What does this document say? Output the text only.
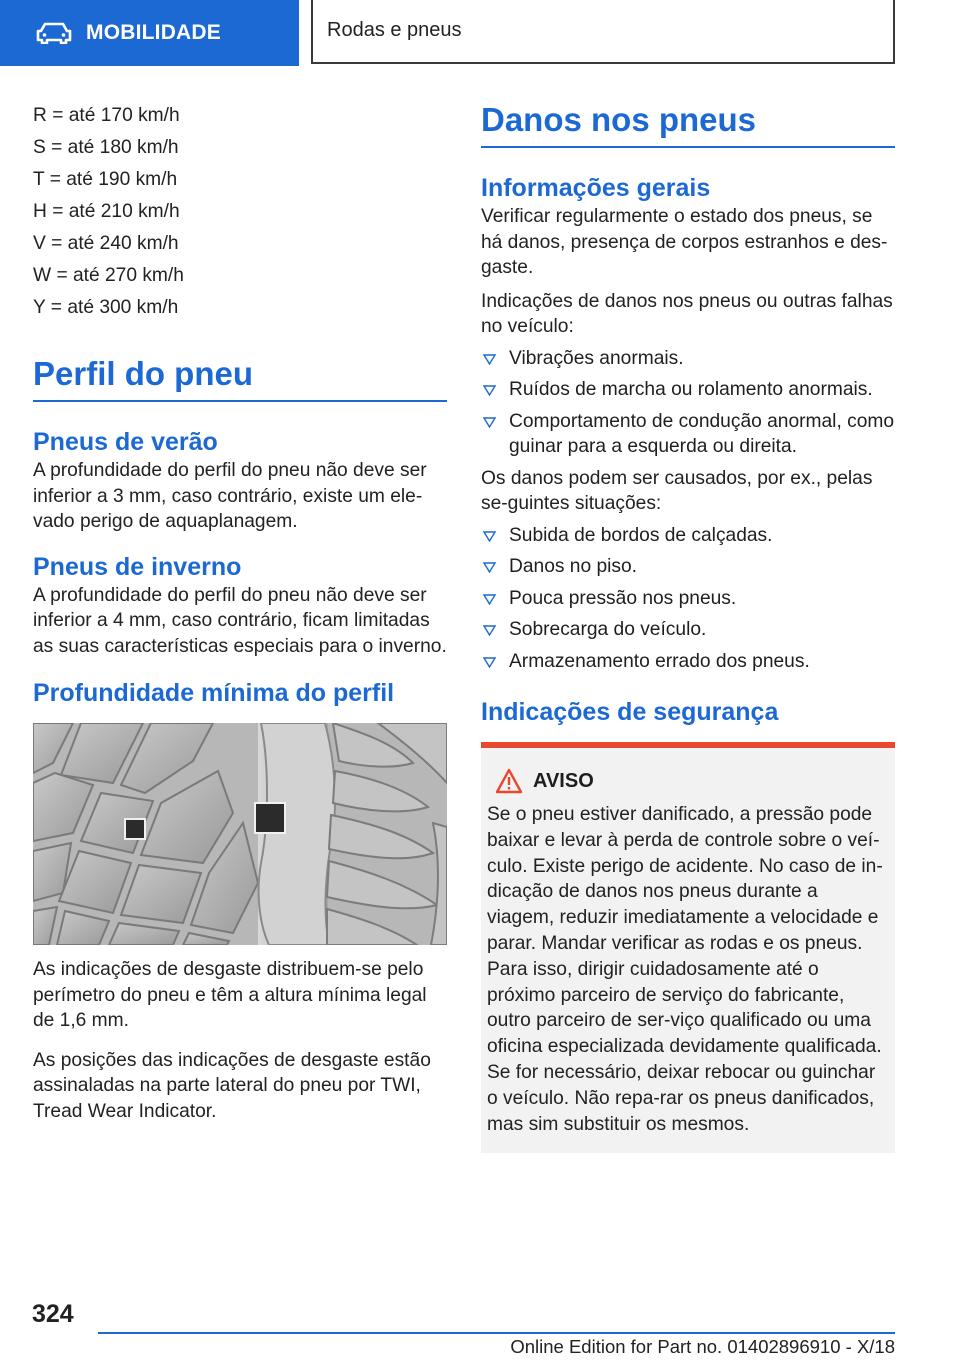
MOBILIDADE	Rodas e pneus
R = até 170 km/h
S = até 180 km/h
T = até 190 km/h
H = até 210 km/h
V = até 240 km/h
W = até 270 km/h
Y = até 300 km/h
Perfil do pneu
Pneus de verão
A profundidade do perfil do pneu não deve ser inferior a 3 mm, caso contrário, existe um ele-vado perigo de aquaplanagem.
Pneus de inverno
A profundidade do perfil do pneu não deve ser inferior a 4 mm, caso contrário, ficam limitadas as suas características especiais para o inverno.
Profundidade mínima do perfil
As indicações de desgaste distribuem-se pelo perímetro do pneu e têm a altura mínima legal de 1,6 mm.
As posições das indicações de desgaste estão assinaladas na parte lateral do pneu por TWI, Tread Wear Indicator.
Danos nos pneus
Informações gerais
Verificar regularmente o estado dos pneus, se há danos, presença de corpos estranhos e des-gaste.
Indicações de danos nos pneus ou outras falhas no veículo:
Vibrações anormais.
Ruídos de marcha ou rolamento anormais.
Comportamento de condução anormal, como guinar para a esquerda ou direita.
Os danos podem ser causados, por ex., pelas se-guintes situações:
Subida de bordos de calçadas.
Danos no piso.
Pouca pressão nos pneus.
Sobrecarga do veículo.
Armazenamento errado dos pneus.
Indicações de segurança
AVISO
Se o pneu estiver danificado, a pressão pode baixar e levar à perda de controle sobre o veí-culo. Existe perigo de acidente. No caso de in-dicação de danos nos pneus durante a viagem, reduzir imediatamente a velocidade e parar. Mandar verificar as rodas e os pneus. Para isso, dirigir cuidadosamente até o próximo parceiro de serviço do fabricante, outro parceiro de ser-viço qualificado ou uma oficina especializada devidamente qualificada. Se for necessário, deixar rebocar ou guinchar o veículo. Não repa-rar os pneus danificados, mas sim substituir os mesmos.
324
Online Edition for Part no. 01402896910 - X/18
